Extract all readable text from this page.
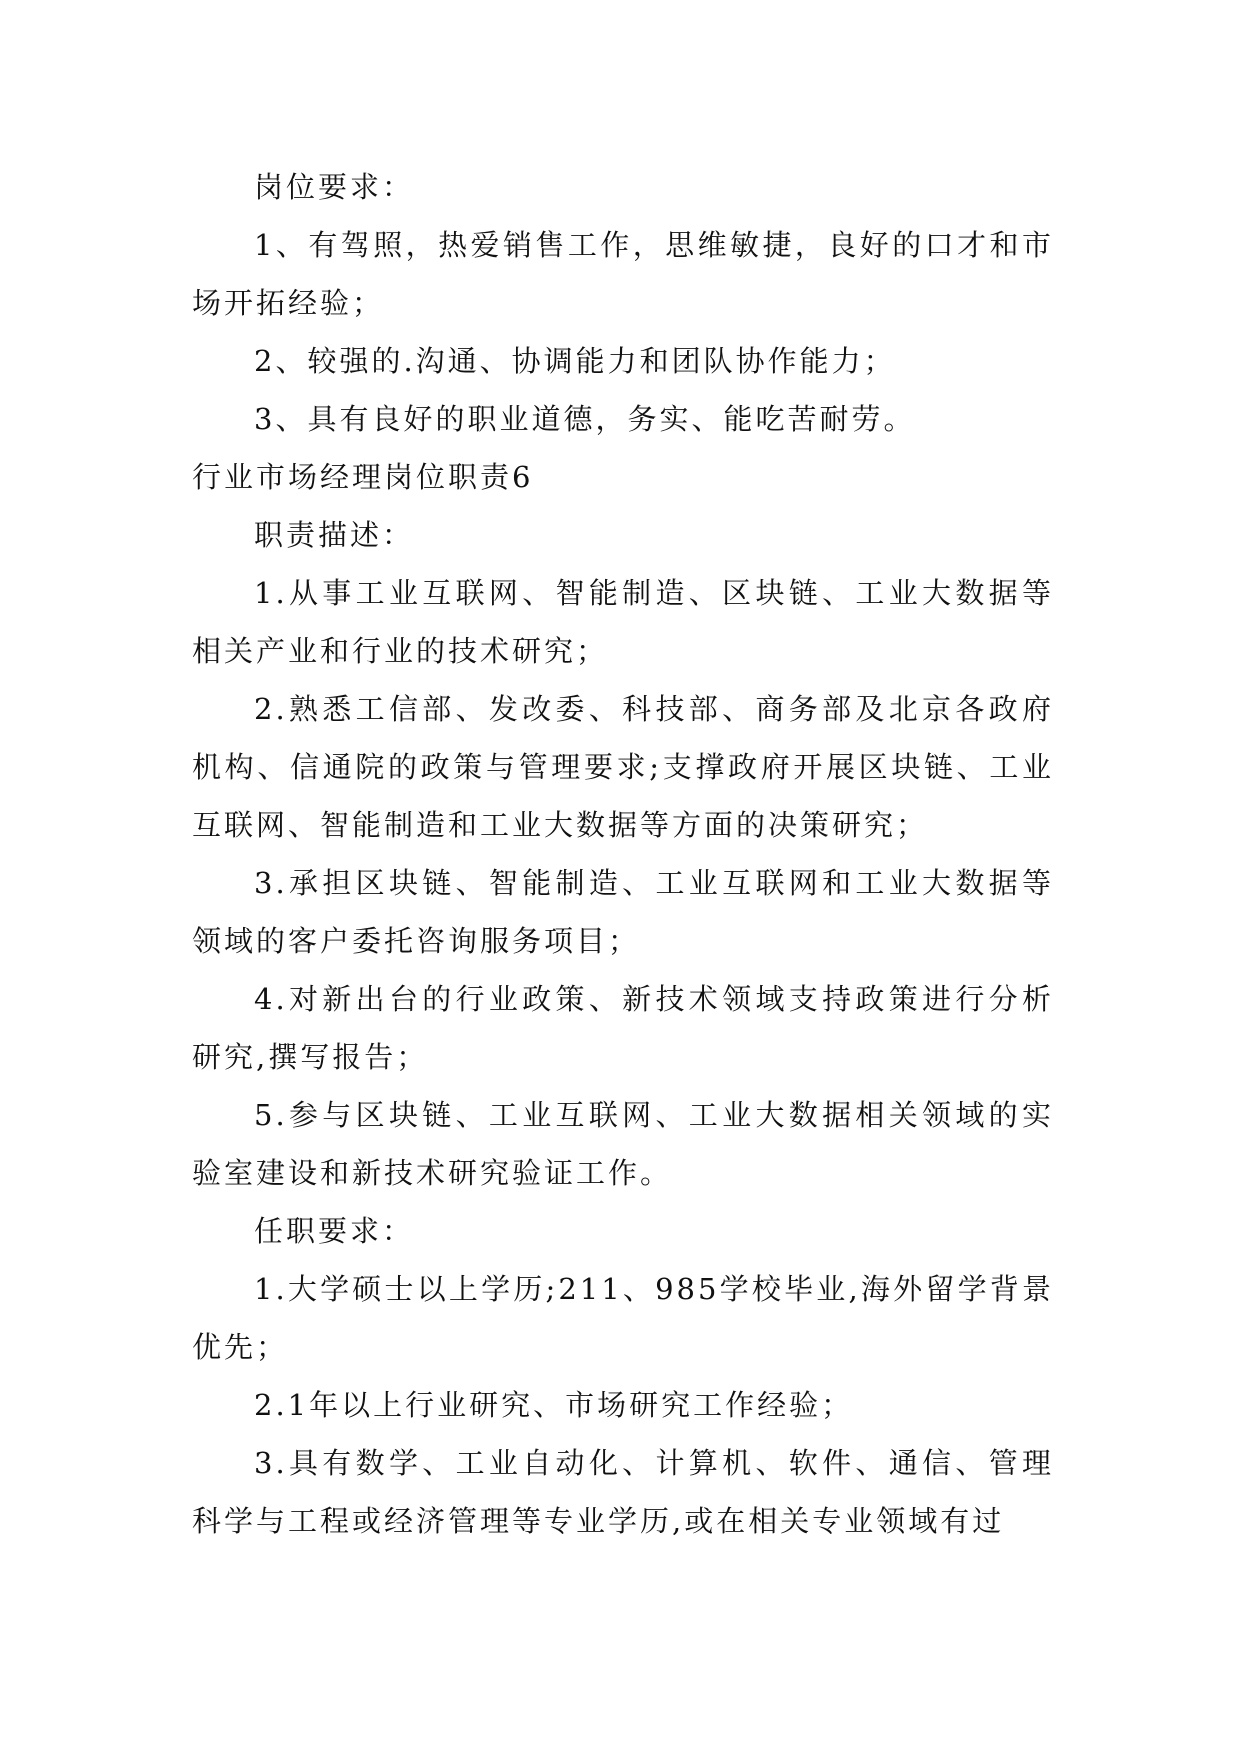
岗位要求：

1、有驾照，热爱销售工作，思维敏捷，良好的口才和市场开拓经验；

2、较强的.沟通、协调能力和团队协作能力；

3、具有良好的职业道德，务实、能吃苦耐劳。

行业市场经理岗位职责6

职责描述：

1.从事工业互联网、智能制造、区块链、工业大数据等相关产业和行业的技术研究；

2.熟悉工信部、发改委、科技部、商务部及北京各政府机构、信通院的政策与管理要求;支撑政府开展区块链、工业互联网、智能制造和工业大数据等方面的决策研究；

3.承担区块链、智能制造、工业互联网和工业大数据等领域的客户委托咨询服务项目；

4.对新出台的行业政策、新技术领域支持政策进行分析研究,撰写报告；

5.参与区块链、工业互联网、工业大数据相关领域的实验室建设和新技术研究验证工作。

任职要求：

1.大学硕士以上学历;211、985学校毕业,海外留学背景优先；

2.1年以上行业研究、市场研究工作经验；

3.具有数学、工业自动化、计算机、软件、通信、管理科学与工程或经济管理等专业学历,或在相关专业领域有过
